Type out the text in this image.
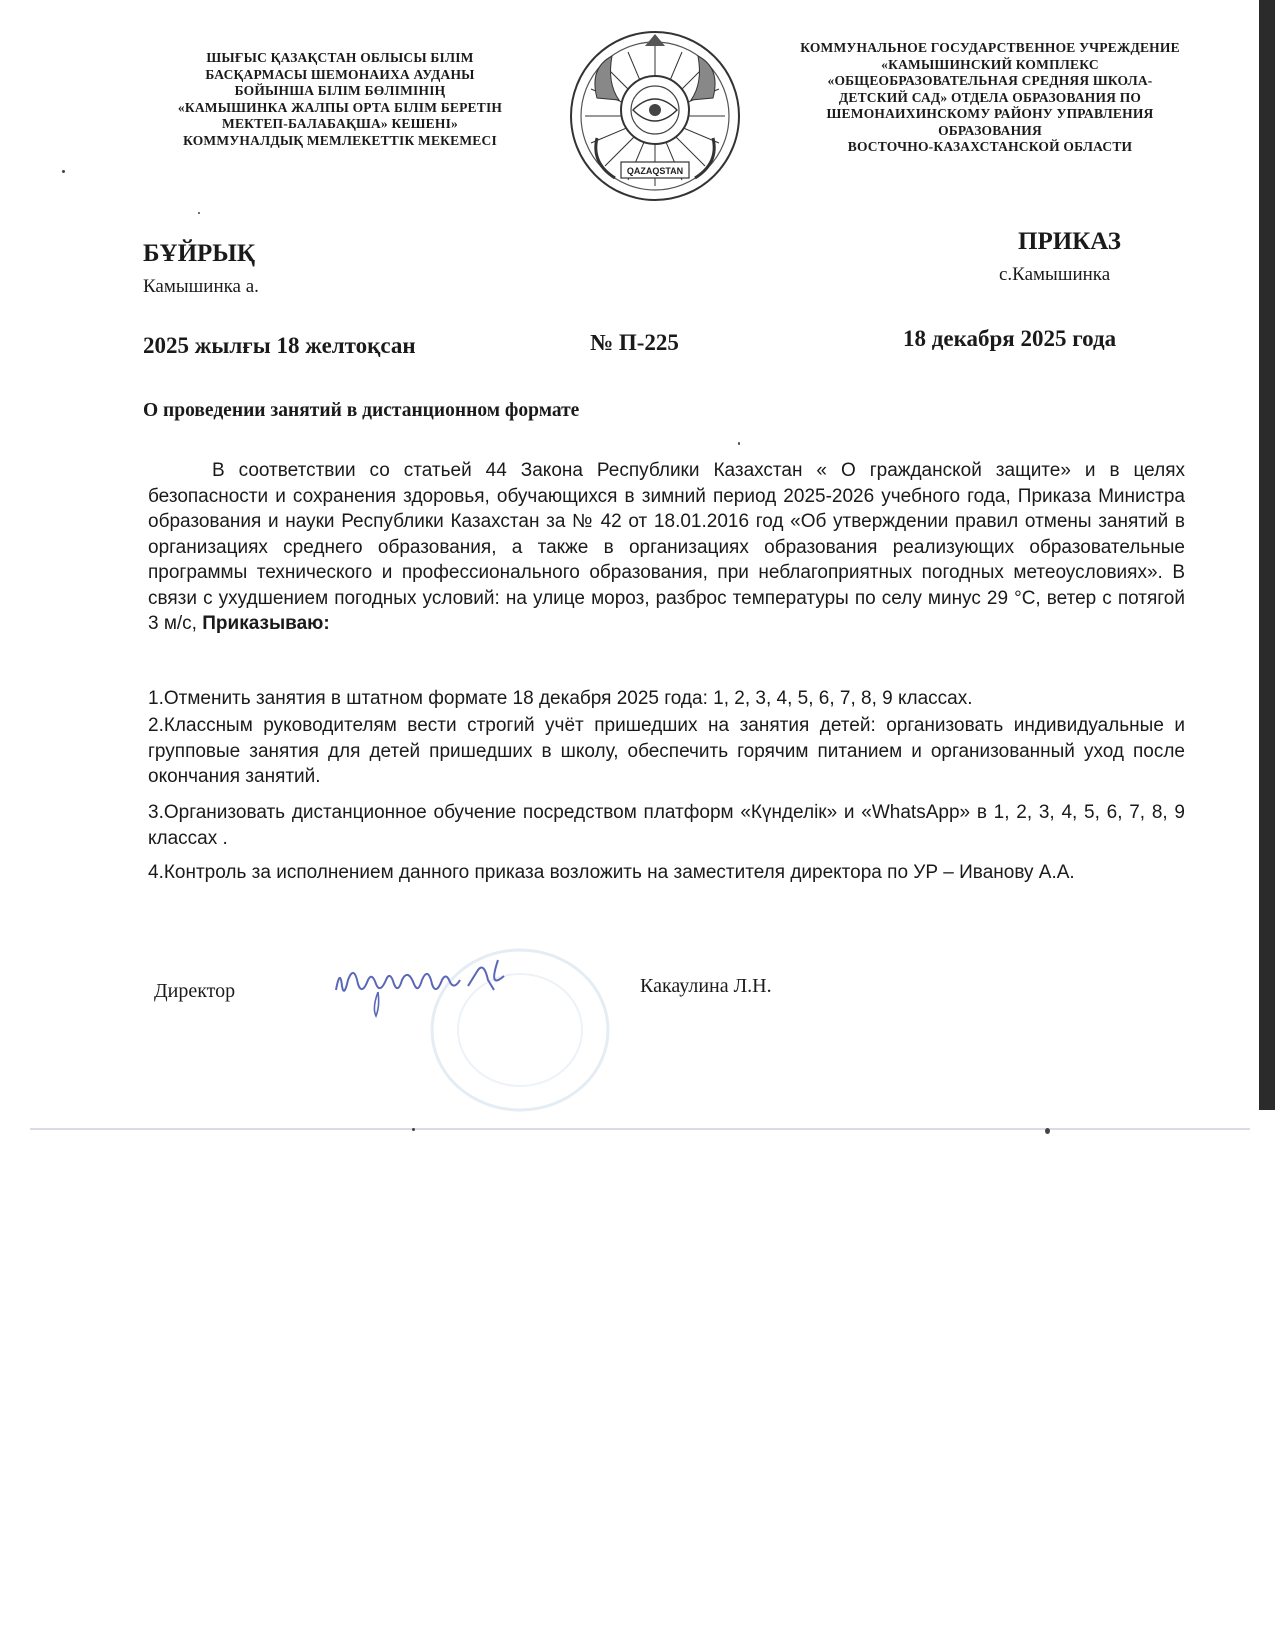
ШЫҒЫС ҚАЗАҚСТАН ОБЛЫСЫ БІЛІМ
БАСҚАРМАСЫ ШЕМОНАИХА АУДАНЫ
БОЙЫНША БІЛІМ БӨЛІМІНІҢ
«КАМЫШИНКА ЖАЛПЫ ОРТА БІЛІМ БЕРЕТІН
МЕКТЕП-БАЛАБАҚША» КЕШЕНІ»
КОММУНАЛДЫҚ МЕМЛЕКЕТТІК МЕКЕМЕСІ
QAZAQSTAN
КОММУНАЛЬНОЕ ГОСУДАРСТВЕННОЕ УЧРЕЖДЕНИЕ
«КАМЫШИНСКИЙ КОМПЛЕКС
«ОБЩЕОБРАЗОВАТЕЛЬНАЯ СРЕДНЯЯ ШКОЛА-
ДЕТСКИЙ САД» ОТДЕЛА ОБРАЗОВАНИЯ ПО
ШЕМОНАИХИНСКОМУ РАЙОНУ УПРАВЛЕНИЯ
ОБРАЗОВАНИЯ
ВОСТОЧНО-КАЗАХСТАНСКОЙ ОБЛАСТИ
БҰЙРЫҚ
Камышинка а.
ПРИКАЗ
с.Камышинка
2025 жылғы 18 желтоқсан	№ П-225	18 декабря 2025 года
О проведении занятий в дистанционном формате
В соответствии со статьей 44 Закона Республики Казахстан « О гражданской защите» и в целях безопасности и сохранения здоровья, обучающихся в зимний период 2025-2026 учебного года, Приказа Министра образования и науки Республики Казахстан за № 42 от 18.01.2016 год «Об утверждении правил отмены занятий в организациях среднего образования, а также в организациях образования реализующих образовательные программы технического и профессионального образования, при неблагоприятных погодных метеоусловиях». В связи с ухудшением погодных условий: на улице мороз, разброс температуры по селу минус 29 °С, ветер с потягой 3 м/с, Приказываю:
1.Отменить занятия в штатном формате 18 декабря 2025 года: 1, 2, 3, 4, 5, 6, 7, 8, 9 классах.
2.Классным руководителям вести строгий учёт пришедших на занятия детей: организовать индивидуальные и групповые занятия для детей пришедших в школу, обеспечить горячим питанием и организованный уход после окончания занятий.
3.Организовать дистанционное обучение посредством платформ «Күнделік» и «WhatsApp» в 1, 2, 3, 4, 5, 6, 7, 8, 9 классах .
4.Контроль за исполнением данного приказа возложить на заместителя директора по УР – Иванову А.А.
Директор	Какаулина Л.Н.
